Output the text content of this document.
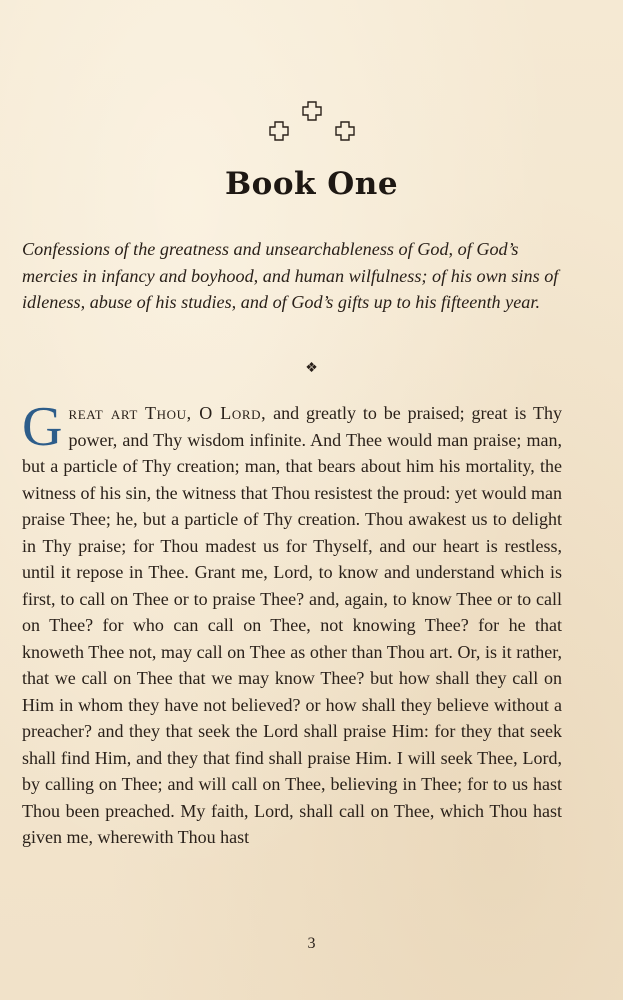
Book One

Confessions of the greatness and unsearchableness of God, of God’s mercies in infancy and boyhood, and human wilfulness; of his own sins of idleness, abuse of his studies, and of God’s gifts up to his fifteenth year.

❖

Great art Thou, O Lord, and greatly to be praised; great is Thy power, and Thy wisdom infinite. And Thee would man praise; man, but a particle of Thy creation; man, that bears about him his mortality, the witness of his sin, the witness that Thou resistest the proud: yet would man praise Thee; he, but a particle of Thy creation. Thou awakest us to delight in Thy praise; for Thou madest us for Thyself, and our heart is restless, until it repose in Thee. Grant me, Lord, to know and understand which is first, to call on Thee or to praise Thee? and, again, to know Thee or to call on Thee? for who can call on Thee, not knowing Thee? for he that knoweth Thee not, may call on Thee as other than Thou art. Or, is it rather, that we call on Thee that we may know Thee? but how shall they call on Him in whom they have not believed? or how shall they believe without a preacher? and they that seek the Lord shall praise Him: for they that seek shall find Him, and they that find shall praise Him. I will seek Thee, Lord, by calling on Thee; and will call on Thee, believing in Thee; for to us hast Thou been preached. My faith, Lord, shall call on Thee, which Thou hast given me, wherewith Thou hast

3
